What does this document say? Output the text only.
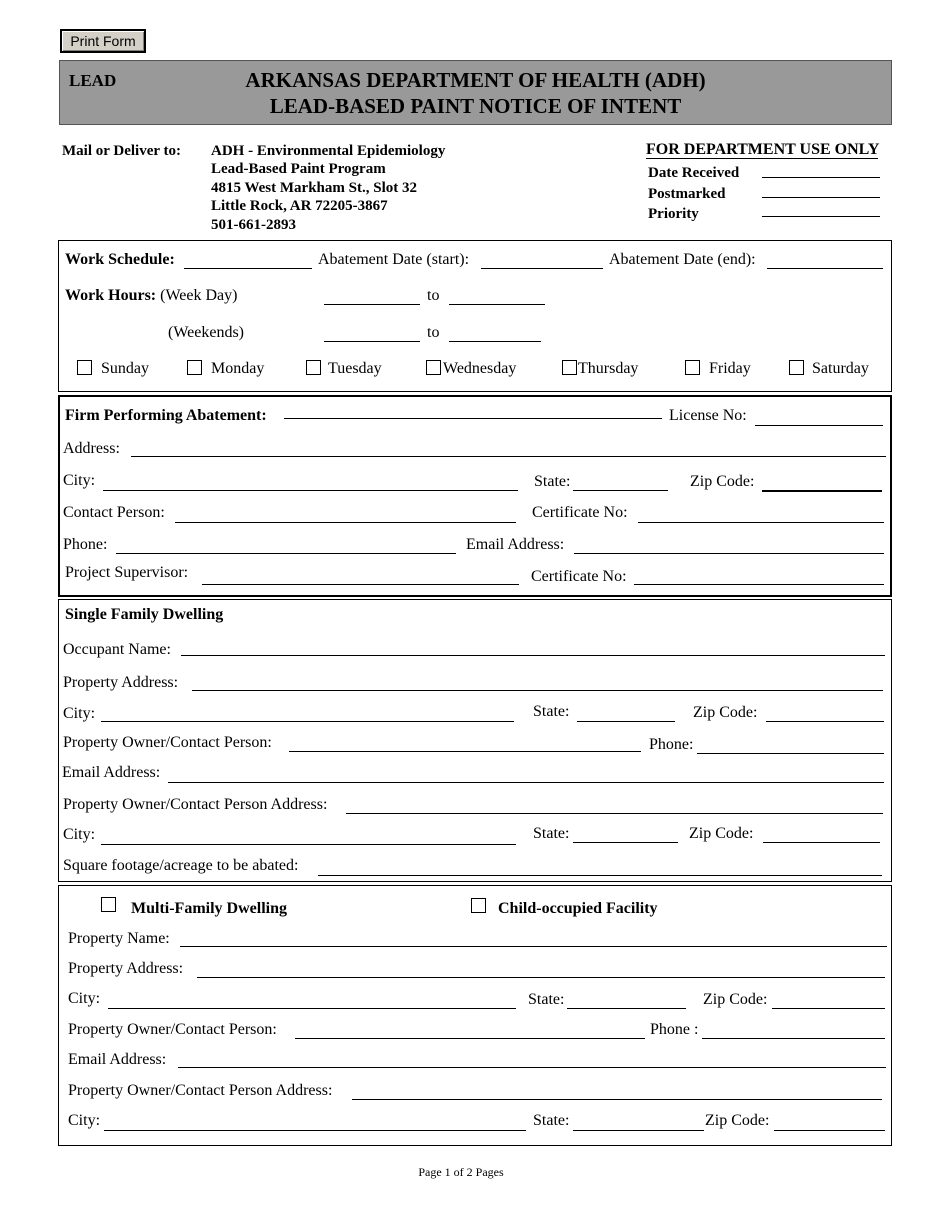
Print Form
LEAD	ARKANSAS DEPARTMENT OF HEALTH (ADH)
LEAD-BASED PAINT NOTICE OF INTENT
Mail or Deliver to: ADH - Environmental Epidemiology
Lead-Based Paint Program
4815 West Markham St., Slot 32
Little Rock, AR 72205-3867
501-661-2893
FOR DEPARTMENT USE ONLY
Date Received
Postmarked
Priority
Work Schedule:	Abatement Date (start):	Abatement Date (end):
Work Hours: (Week Day)	to
(Weekends)	to
Sunday	Monday	Tuesday	Wednesday	Thursday	Friday	Saturday
Firm Performing Abatement:	License No:
Address:
City:	State:	Zip Code:
Contact Person:	Certificate No:
Phone:	Email Address:
Project Supervisor:	Certificate No:
Single Family Dwelling
Occupant Name:
Property Address:
City:	State:	Zip Code:
Property Owner/Contact Person:	Phone:
Email Address:
Property Owner/Contact Person Address:
City:	State:	Zip Code:
Square footage/acreage to be abated:
Multi-Family Dwelling	Child-occupied Facility
Property Name:
Property Address:
City:	State:	Zip Code:
Property Owner/Contact Person:	Phone :
Email Address:
Property Owner/Contact Person Address:
City:	State:	Zip Code:
Page 1 of 2 Pages
